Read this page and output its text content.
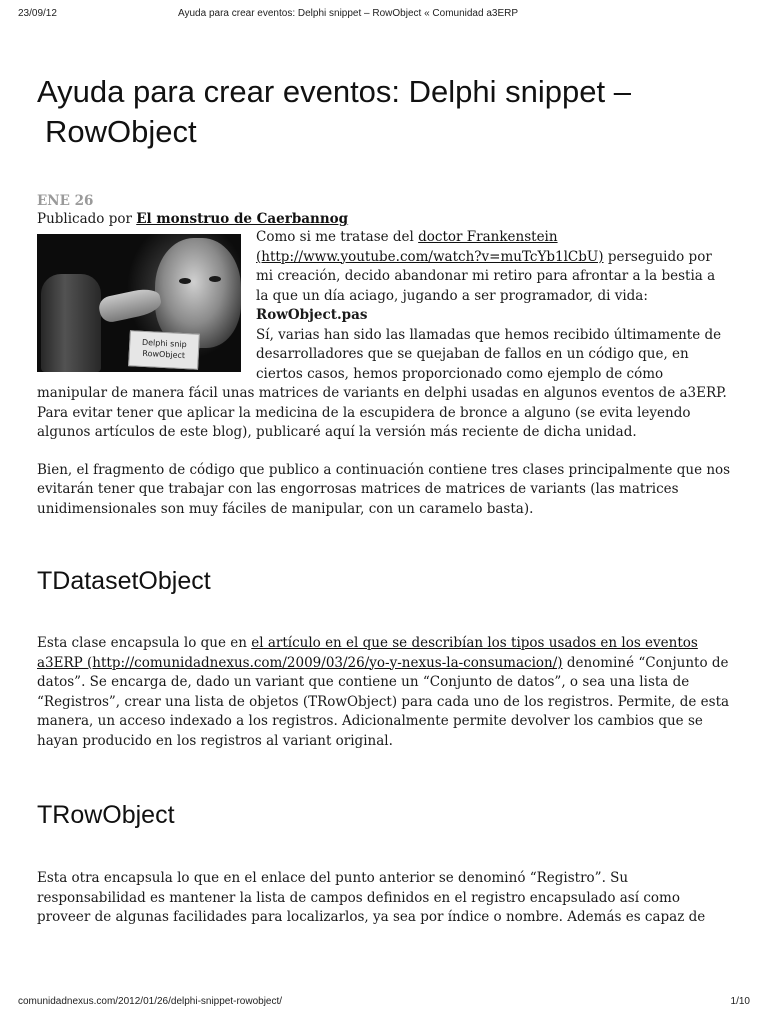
23/09/12	Ayuda para crear eventos: Delphi snippet – RowObject « Comunidad a3ERP
Ayuda para crear eventos: Delphi snippet –
RowObject
ENE 26
Publicado por El monstruo de Caerbannog
Delphi snip RowObject

Como si me tratase del doctor Frankenstein (http://www.youtube.com/watch?v=muTcYb1lCbU) perseguido por mi creación, decido abandonar mi retiro para afrontar a la bestia a la que un día aciago, jugando a ser programador, di vida: RowObject.pas

Sí, varias han sido las llamadas que hemos recibido últimamente de desarrolladores que se quejaban de fallos en un código que, en ciertos casos, hemos proporcionado como ejemplo de cómo manipular de manera fácil unas matrices de variants en delphi usadas en algunos eventos de a3ERP. Para evitar tener que aplicar la medicina de la escupidera de bronce a alguno (se evita leyendo algunos artículos de este blog), publicaré aquí la versión más reciente de dicha unidad.

Bien, el fragmento de código que publico a continuación contiene tres clases principalmente que nos evitarán tener que trabajar con las engorrosas matrices de matrices de variants (las matrices unidimensionales son muy fáciles de manipular, con un caramelo basta).

TDatasetObject

Esta clase encapsula lo que en el artículo en el que se describían los tipos usados en los eventos a3ERP (http://comunidadnexus.com/2009/03/26/yo-y-nexus-la-consumacion/) denominé “Conjunto de datos”. Se encarga de, dado un variant que contiene un “Conjunto de datos”, o sea una lista de “Registros”, crear una lista de objetos (TRowObject) para cada uno de los registros. Permite, de esta manera, un acceso indexado a los registros. Adicionalmente permite devolver los cambios que se hayan producido en los registros al variant original.

TRowObject

Esta otra encapsula lo que en el enlace del punto anterior se denominó “Registro”. Su responsabilidad es mantener la lista de campos definidos en el registro encapsulado así como proveer de algunas facilidades para localizarlos, ya sea por índice o nombre. Además es capaz de

comunidadnexus.com/2012/01/26/delphi-snippet-rowobject/	1/10
